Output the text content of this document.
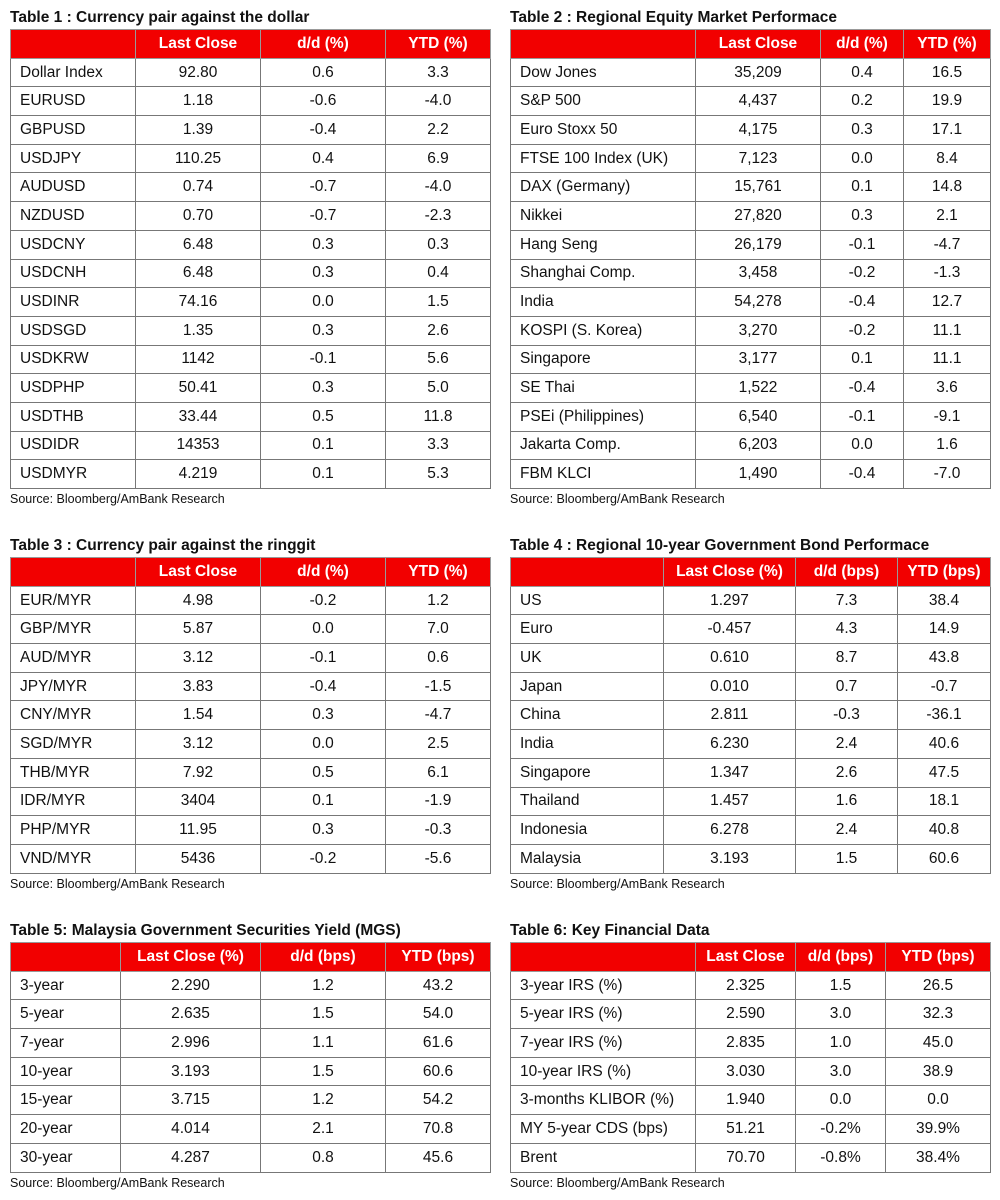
Table 1 : Currency pair against the dollar
	Last Close	d/d (%)	YTD (%)
Dollar Index	92.80	0.6	3.3
EURUSD	1.18	-0.6	-4.0
GBPUSD	1.39	-0.4	2.2
USDJPY	110.25	0.4	6.9
AUDUSD	0.74	-0.7	-4.0
NZDUSD	0.70	-0.7	-2.3
USDCNY	6.48	0.3	0.3
USDCNH	6.48	0.3	0.4
USDINR	74.16	0.0	1.5
USDSGD	1.35	0.3	2.6
USDKRW	1142	-0.1	5.6
USDPHP	50.41	0.3	5.0
USDTHB	33.44	0.5	11.8
USDIDR	14353	0.1	3.3
USDMYR	4.219	0.1	5.3
Source: Bloomberg/AmBank Research
Table 2 : Regional Equity Market Performace
	Last Close	d/d (%)	YTD (%)
Dow Jones	35,209	0.4	16.5
S&P 500	4,437	0.2	19.9
Euro Stoxx 50	4,175	0.3	17.1
FTSE 100 Index (UK)	7,123	0.0	8.4
DAX (Germany)	15,761	0.1	14.8
Nikkei	27,820	0.3	2.1
Hang Seng	26,179	-0.1	-4.7
Shanghai Comp.	3,458	-0.2	-1.3
India	54,278	-0.4	12.7
KOSPI (S. Korea)	3,270	-0.2	11.1
Singapore	3,177	0.1	11.1
SE Thai	1,522	-0.4	3.6
PSEi (Philippines)	6,540	-0.1	-9.1
Jakarta Comp.	6,203	0.0	1.6
FBM KLCI	1,490	-0.4	-7.0
Source: Bloomberg/AmBank Research
Table 3 : Currency pair against the ringgit
	Last Close	d/d (%)	YTD (%)
EUR/MYR	4.98	-0.2	1.2
GBP/MYR	5.87	0.0	7.0
AUD/MYR	3.12	-0.1	0.6
JPY/MYR	3.83	-0.4	-1.5
CNY/MYR	1.54	0.3	-4.7
SGD/MYR	3.12	0.0	2.5
THB/MYR	7.92	0.5	6.1
IDR/MYR	3404	0.1	-1.9
PHP/MYR	11.95	0.3	-0.3
VND/MYR	5436	-0.2	-5.6
Source: Bloomberg/AmBank Research
Table 4 : Regional 10-year Government Bond Performace
	Last Close (%)	d/d (bps)	YTD (bps)
US	1.297	7.3	38.4
Euro	-0.457	4.3	14.9
UK	0.610	8.7	43.8
Japan	0.010	0.7	-0.7
China	2.811	-0.3	-36.1
India	6.230	2.4	40.6
Singapore	1.347	2.6	47.5
Thailand	1.457	1.6	18.1
Indonesia	6.278	2.4	40.8
Malaysia	3.193	1.5	60.6
Source: Bloomberg/AmBank Research
Table 5: Malaysia Government Securities Yield (MGS)
	Last Close (%)	d/d (bps)	YTD (bps)
3-year	2.290	1.2	43.2
5-year	2.635	1.5	54.0
7-year	2.996	1.1	61.6
10-year	3.193	1.5	60.6
15-year	3.715	1.2	54.2
20-year	4.014	2.1	70.8
30-year	4.287	0.8	45.6
Source: Bloomberg/AmBank Research
Table 6: Key Financial Data
	Last Close	d/d (bps)	YTD (bps)
3-year IRS (%)	2.325	1.5	26.5
5-year IRS (%)	2.590	3.0	32.3
7-year IRS (%)	2.835	1.0	45.0
10-year IRS (%)	3.030	3.0	38.9
3-months KLIBOR (%)	1.940	0.0	0.0
MY 5-year CDS (bps)	51.21	-0.2%	39.9%
Brent	70.70	-0.8%	38.4%
Source: Bloomberg/AmBank Research
